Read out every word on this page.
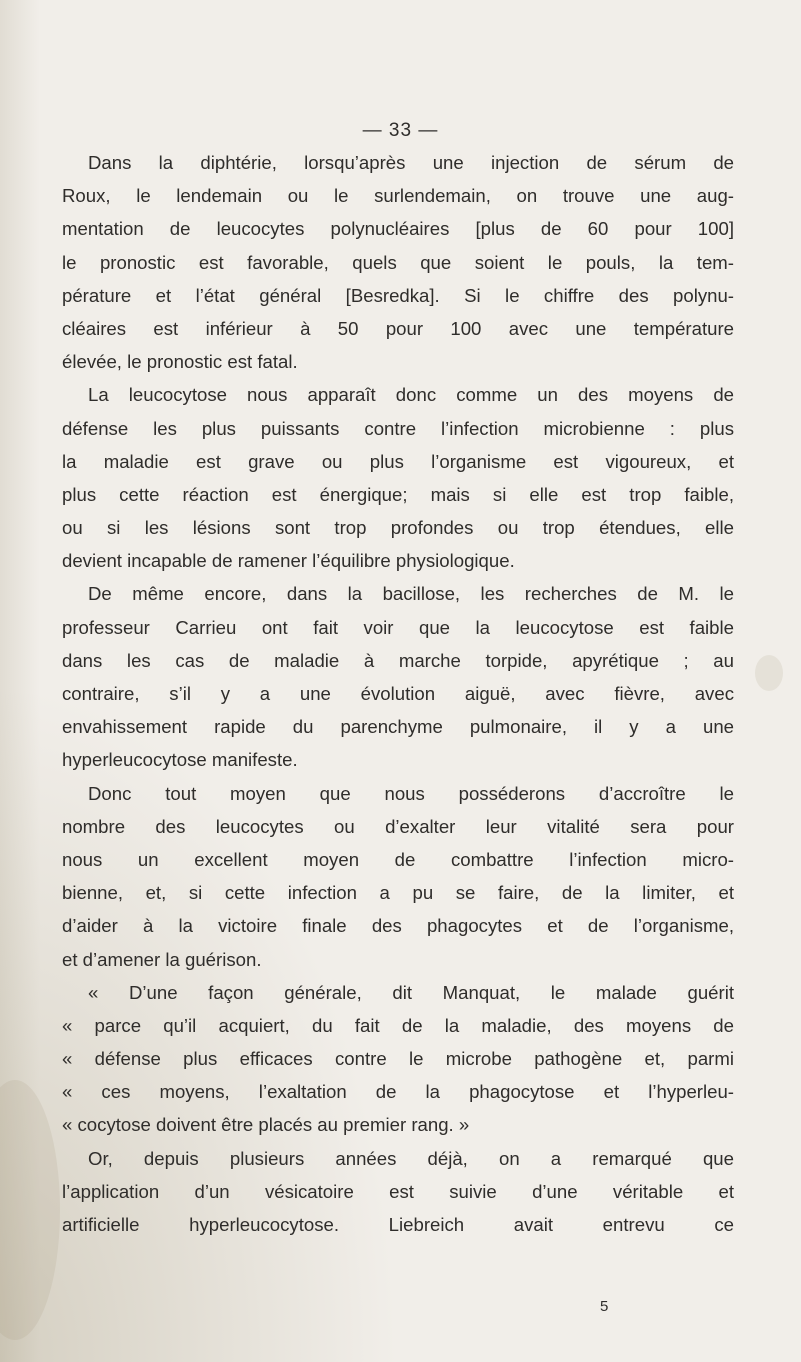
— 33 —
Dans la diphtérie, lorsqu’après une injection de sérum de
Roux, le lendemain ou le surlendemain, on trouve une aug-
mentation de leucocytes polynucléaires [plus de 60 pour 100]
le pronostic est favorable, quels que soient le pouls, la tem-
pérature et l’état général [Besredka]. Si le chiffre des polynu-
cléaires est inférieur à 50 pour 100 avec une température
élevée, le pronostic est fatal.
La leucocytose nous apparaît donc comme un des moyens de
défense les plus puissants contre l’infection microbienne : plus
la maladie est grave ou plus l’organisme est vigoureux, et
plus cette réaction est énergique; mais si elle est trop faible,
ou si les lésions sont trop profondes ou trop étendues, elle
devient incapable de ramener l’équilibre physiologique.
De même encore, dans la bacillose, les recherches de M. le
professeur Carrieu ont fait voir que la leucocytose est faible
dans les cas de maladie à marche torpide, apyrétique ; au
contraire, s’il y a une évolution aiguë, avec fièvre, avec
envahissement rapide du parenchyme pulmonaire, il y a une
hyperleucocytose manifeste.
Donc tout moyen que nous posséderons d’accroître le
nombre des leucocytes ou d’exalter leur vitalité sera pour
nous un excellent moyen de combattre l’infection micro-
bienne, et, si cette infection a pu se faire, de la limiter, et
d’aider à la victoire finale des phagocytes et de l’organisme,
et d’amener la guérison.
« D’une façon générale, dit Manquat, le malade guérit
« parce qu’il acquiert, du fait de la maladie, des moyens de
« défense plus efficaces contre le microbe pathogène et, parmi
« ces moyens, l’exaltation de la phagocytose et l’hyperleu-
« cocytose doivent être placés au premier rang. »
Or, depuis plusieurs années déjà, on a remarqué que
l’application d’un vésicatoire est suivie d’une véritable et
artificielle hyperleucocytose. Liebreich avait entrevu ce
5
